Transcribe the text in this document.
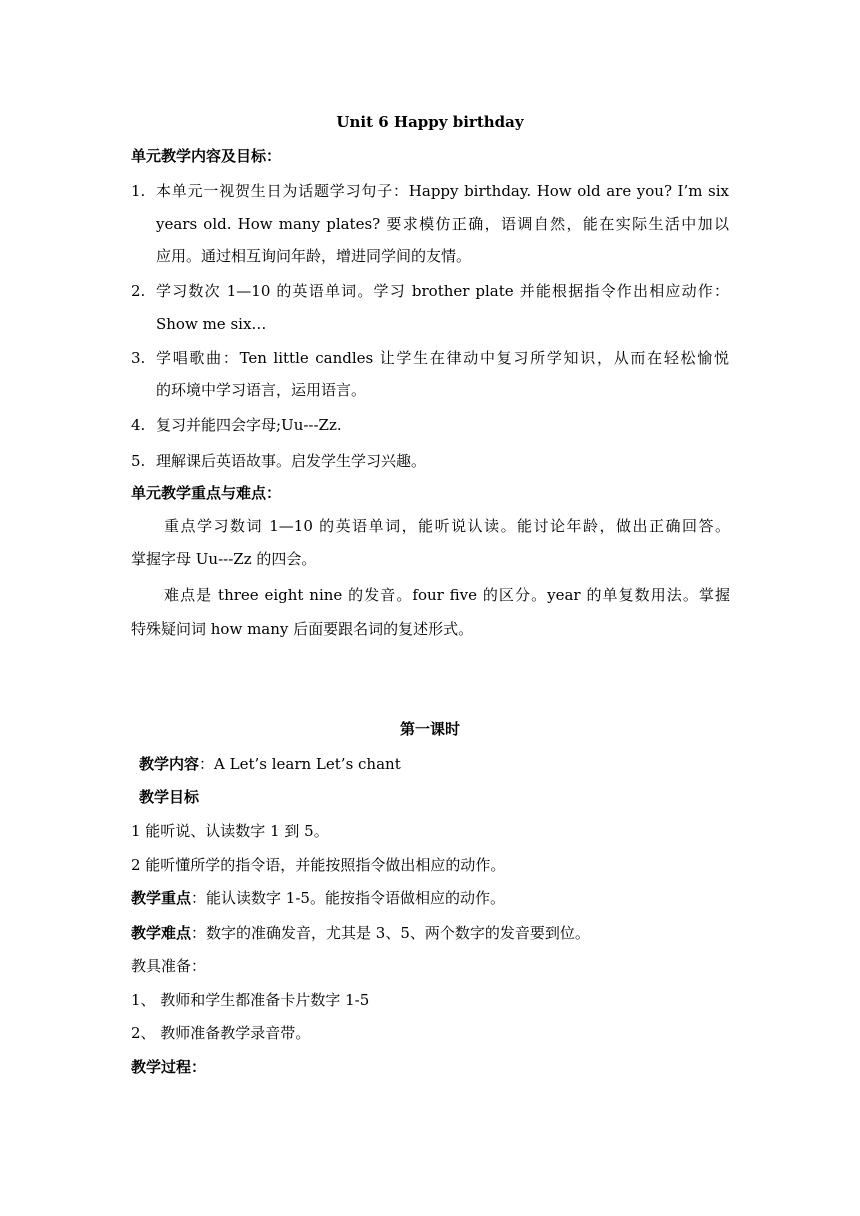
Unit 6 Happy birthday
单元教学内容及目标：
1. 本单元一视贺生日为话题学习句子：Happy birthday. How old are you? I’m six
years old. How many plates? 要求模仿正确，语调自然，能在实际生活中加以
应用。通过相互询问年龄，增进同学间的友情。
2. 学习数次 1—10 的英语单词。学习 brother plate 并能根据指令作出相应动作：
Show me six…
3. 学唱歌曲：Ten little candles 让学生在律动中复习所学知识，从而在轻松愉悦
的环境中学习语言，运用语言。
4. 复习并能四会字母;Uu---Zz.
5. 理解课后英语故事。启发学生学习兴趣。
单元教学重点与难点：
重点学习数词 1—10 的英语单词，能听说认读。能讨论年龄，做出正确回答。
掌握字母 Uu---Zz 的四会。
难点是 three eight nine 的发音。four five 的区分。year 的单复数用法。掌握
特殊疑问词 how many 后面要跟名词的复述形式。
第一课时
教学内容：A Let’s learn Let’s chant
教学目标
1 能听说、认读数字 1 到 5。
2 能听懂所学的指令语，并能按照指令做出相应的动作。
教学重点：能认读数字 1-5。能按指令语做相应的动作。
教学难点：数字的准确发音，尤其是 3、5、两个数字的发音要到位。
教具准备：
1、 教师和学生都准备卡片数字 1-5
2、 教师准备教学录音带。
教学过程：
